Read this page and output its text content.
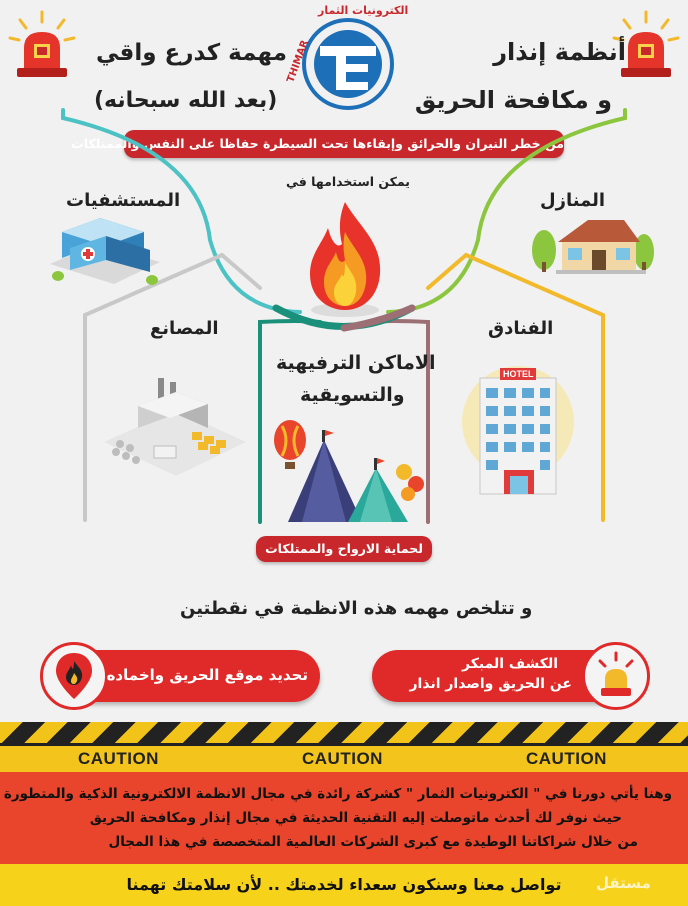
أنظمة إنذار
و مكافحة الحريق
مهمة كدرع واقي
(بعد الله سبحانه)
الكترونيات الثمار
THIMAR
من خطر النيران والحرائق وإبقاءها تحت السيطرة حفاظا على النفس والممتلكات
يمكن استخدامها في
المنازل
المستشفيات
الفنادق
HOTEL
المصانع
الاماكن الترفيهية
والتسويقية
لحماية الارواح والممتلكات
و تتلخص مهمه هذه الانظمة في نقطتين
الكشف المبكر
عن الحريق واصدار انذار
تحديد موقع الحريق واخماده
CAUTION	CAUTION	CAUTION
وهنا يأتي دورنا في " الكترونيات الثمار " كشركة رائدة في مجال الانظمة الالكترونية الذكية والمتطورة
حيث نوفر لك أحدث ماتوصلت إليه التقنية الحديثة في مجال إنذار ومكافحة الحريق
من خلال شراكاتنا الوطيدة مع كبرى الشركات العالمية المتخصصة في هذا المجال
تواصل معنا وسنكون سعداء لخدمتك .. لأن سلامتك تهمنا	مستقل
